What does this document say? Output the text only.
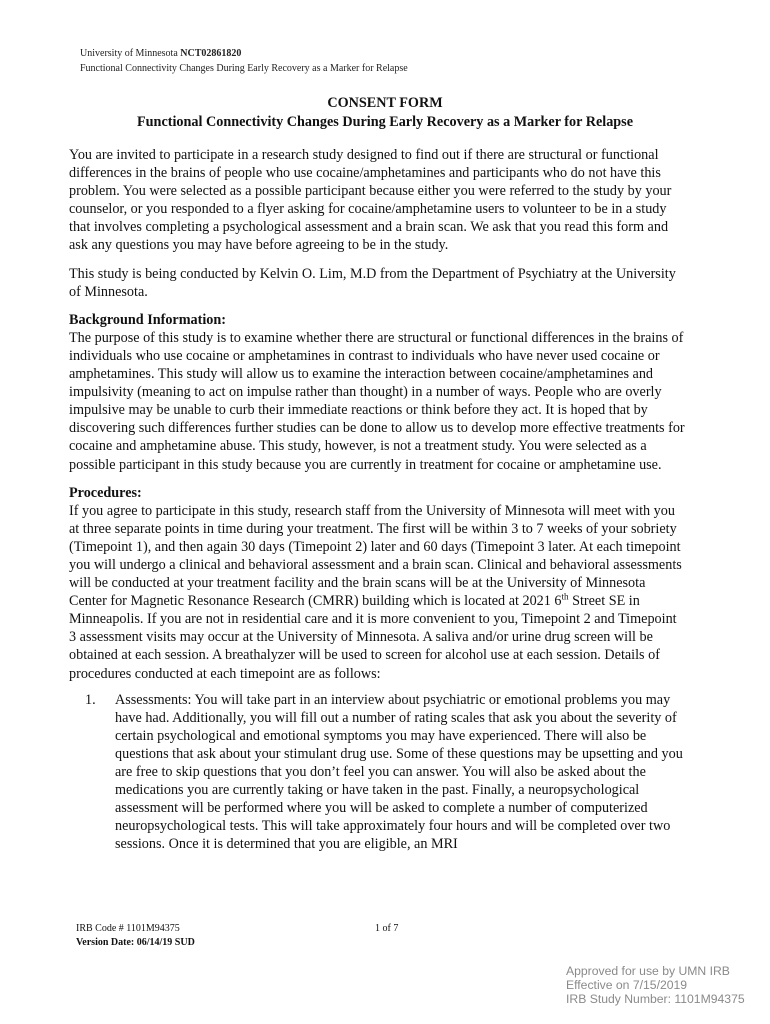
University of Minnesota NCT02861820
Functional Connectivity Changes During Early Recovery as a Marker for Relapse
CONSENT FORM
Functional Connectivity Changes During Early Recovery as a Marker for Relapse

You are invited to participate in a research study designed to find out if there are structural or functional differences in the brains of people who use cocaine/amphetamines and participants who do not have this problem. You were selected as a possible participant because either you were referred to the study by your counselor, or you responded to a flyer asking for cocaine/amphetamine users to volunteer to be in a study that involves completing a psychological assessment and a brain scan. We ask that you read this form and ask any questions you may have before agreeing to be in the study.

This study is being conducted by Kelvin O. Lim, M.D from the Department of Psychiatry at the University of Minnesota.

Background Information:

The purpose of this study is to examine whether there are structural or functional differences in the brains of individuals who use cocaine or amphetamines in contrast to individuals who have never used cocaine or amphetamines. This study will allow us to examine the interaction between cocaine/amphetamines and impulsivity (meaning to act on impulse rather than thought) in a number of ways. People who are overly impulsive may be unable to curb their immediate reactions or think before they act. It is hoped that by discovering such differences further studies can be done to allow us to develop more effective treatments for cocaine and amphetamine abuse. This study, however, is not a treatment study. You were selected as a possible participant in this study because you are currently in treatment for cocaine or amphetamine use.

Procedures:

If you agree to participate in this study, research staff from the University of Minnesota will meet with you at three separate points in time during your treatment. The first will be within 3 to 7 weeks of your sobriety (Timepoint 1), and then again 30 days (Timepoint 2) later and 60 days (Timepoint 3 later. At each timepoint you will undergo a clinical and behavioral assessment and a brain scan. Clinical and behavioral assessments will be conducted at your treatment facility and the brain scans will be at the University of Minnesota Center for Magnetic Resonance Research (CMRR) building which is located at 2021 6th Street SE in Minneapolis. If you are not in residential care and it is more convenient to you, Timepoint 2 and Timepoint 3 assessment visits may occur at the University of Minnesota. A saliva and/or urine drug screen will be obtained at each session. A breathalyzer will be used to screen for alcohol use at each session. Details of procedures conducted at each timepoint are as follows:

1.	Assessments: You will take part in an interview about psychiatric or emotional problems you may have had. Additionally, you will fill out a number of rating scales that ask you about the severity of certain psychological and emotional symptoms you may have experienced. There will also be questions that ask about your stimulant drug use. Some of these questions may be upsetting and you are free to skip questions that you don’t feel you can answer. You will also be asked about the medications you are currently taking or have taken in the past. Finally, a neuropsychological assessment will be performed where you will be asked to complete a number of computerized neuropsychological tests. This will take approximately four hours and will be completed over two sessions. Once it is determined that you are eligible, an MRI
IRB Code # 1101M94375
Version Date: 06/14/19 SUD
1 of 7
Approved for use by UMN IRB
Effective on 7/15/2019
IRB Study Number: 1101M94375
